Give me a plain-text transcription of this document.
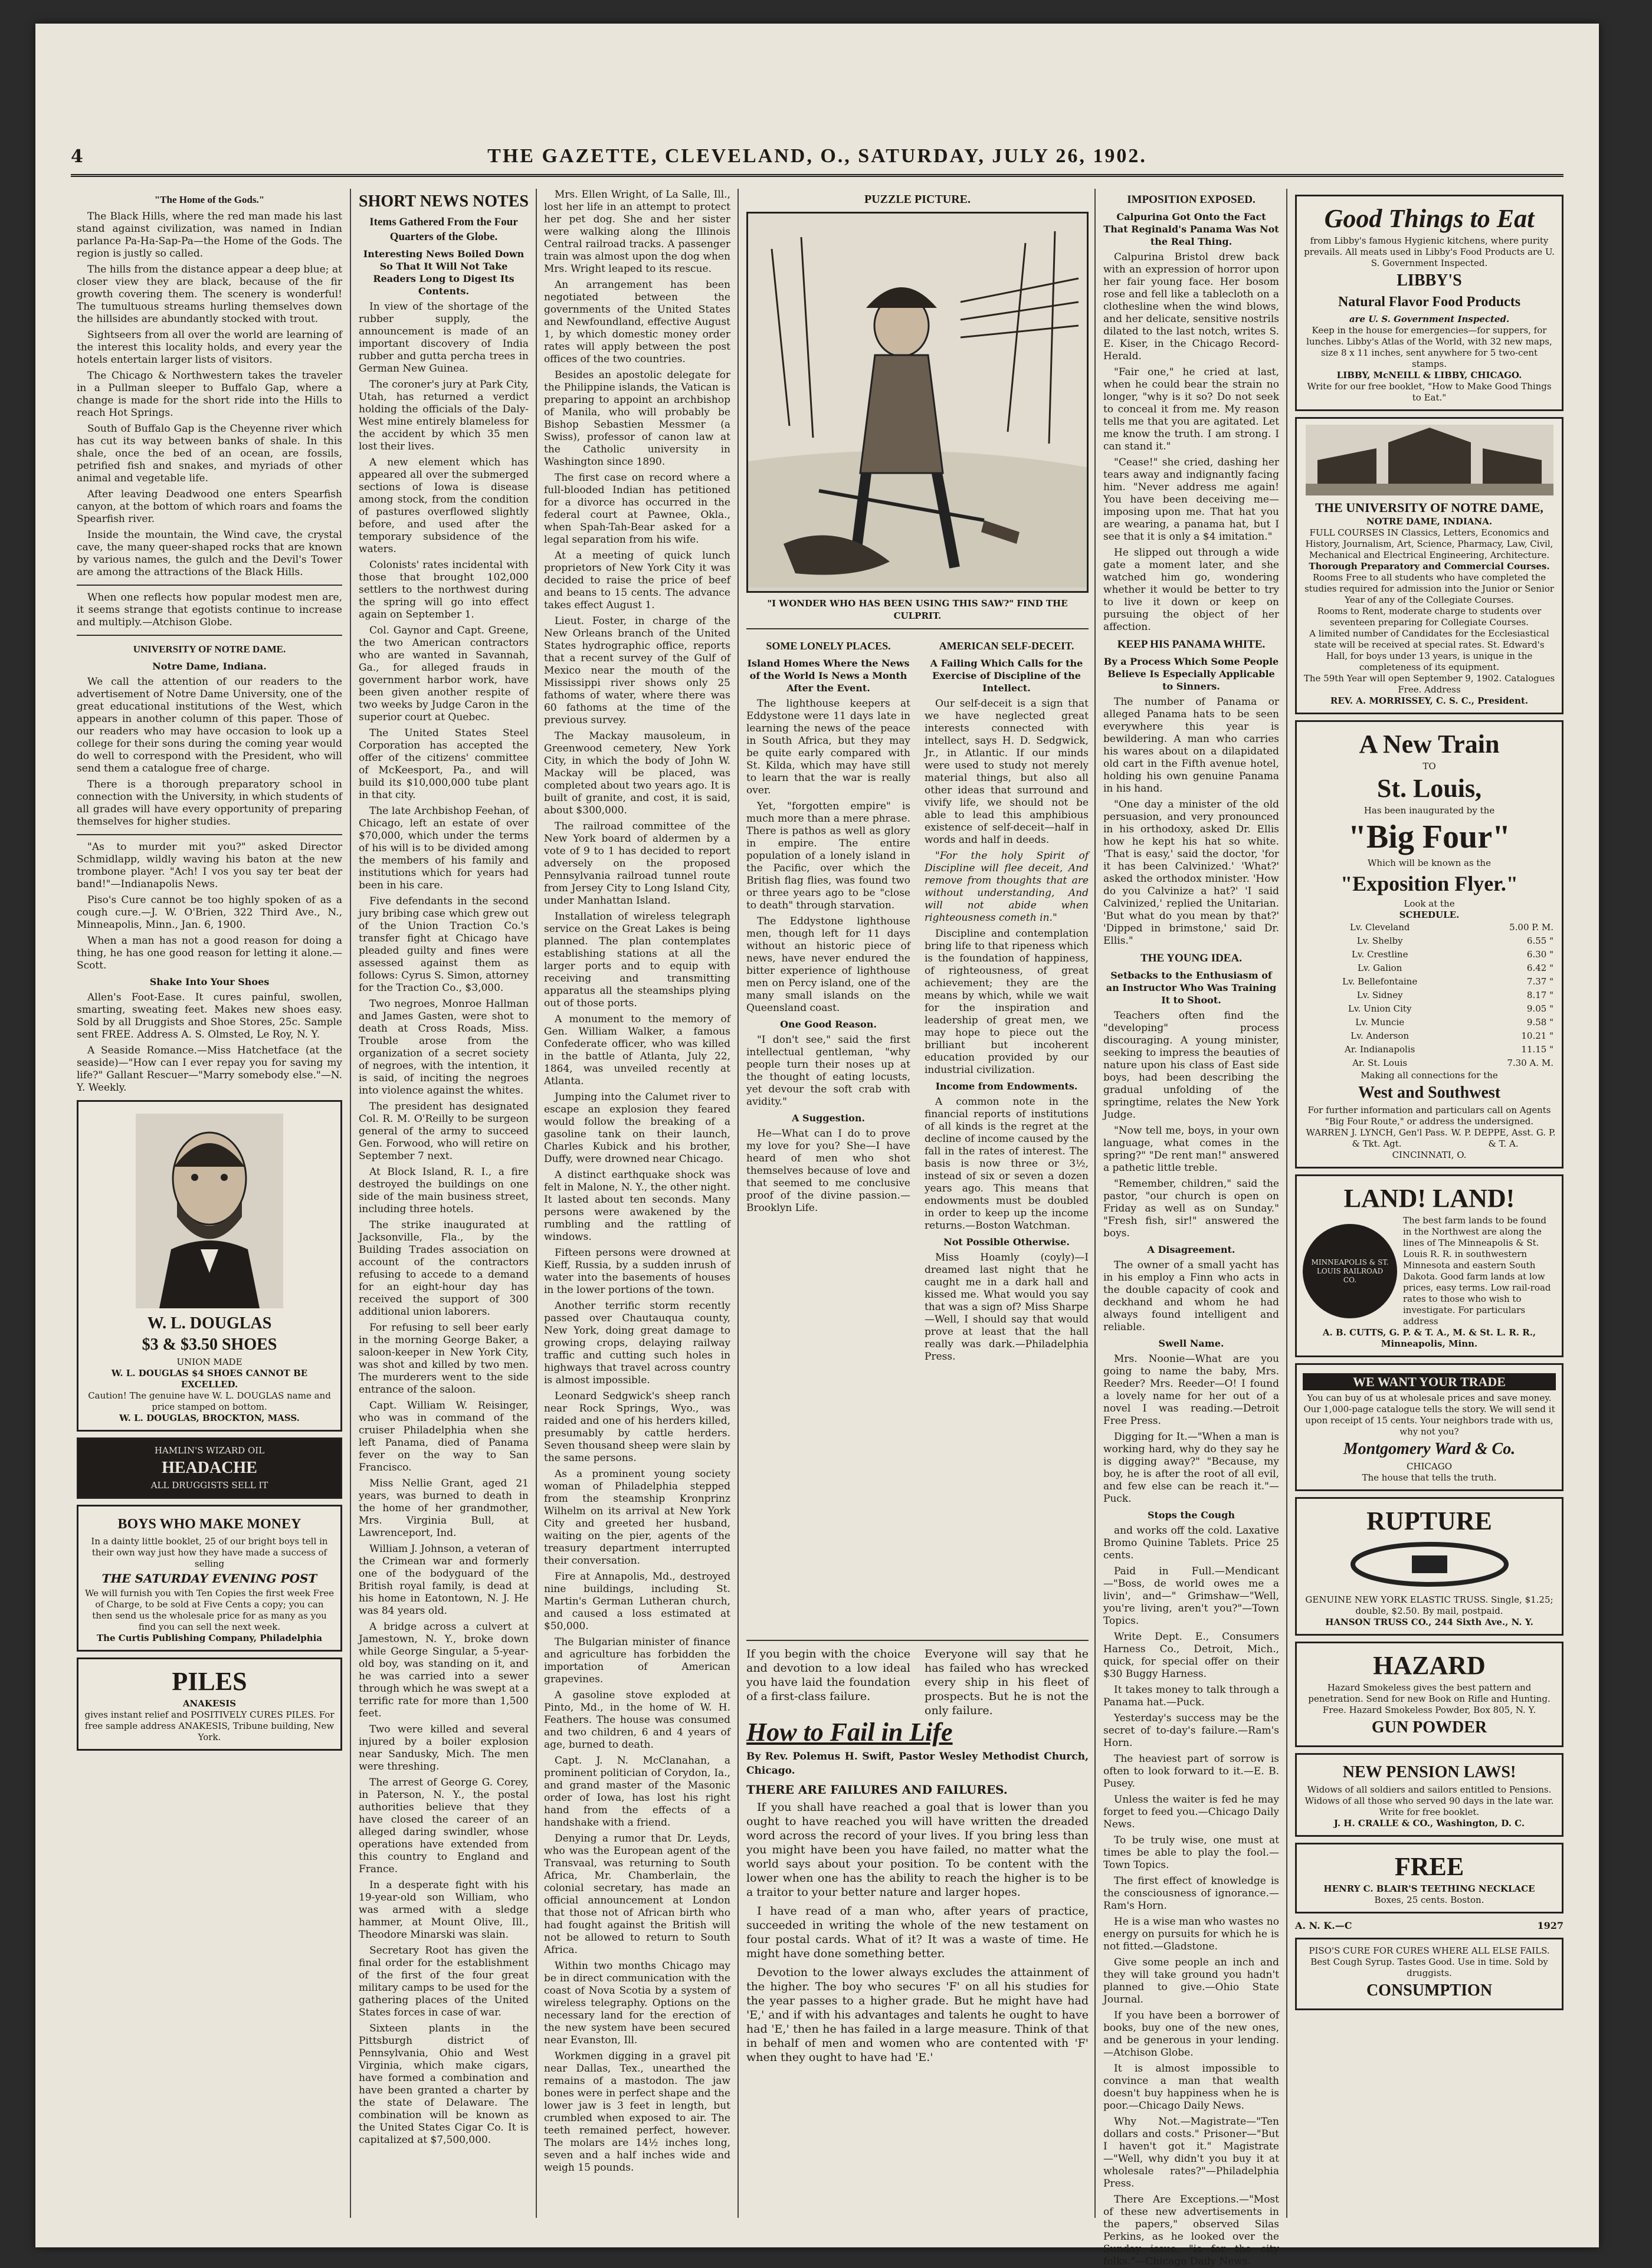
4	THE GAZETTE, CLEVELAND, O., SATURDAY, JULY 26, 1902.
"The Home of the Gods."

The Black Hills, where the red man made his last stand against civilization, was named in Indian parlance Pa-Ha-Sap-Pa—the Home of the Gods. The region is justly so called.

The hills from the distance appear a deep blue; at closer view they are black, because of the fir growth covering them. The scenery is wonderful! The tumultuous streams hurling themselves down the hillsides are abundantly stocked with trout.

Sightseers from all over the world are learning of the interest this locality holds, and every year the hotels entertain larger lists of visitors.

The Chicago & Northwestern takes the traveler in a Pullman sleeper to Buffalo Gap, where a change is made for the short ride into the Hills to reach Hot Springs.

South of Buffalo Gap is the Cheyenne river which has cut its way between banks of shale. In this shale, once the bed of an ocean, are fossils, petrified fish and snakes, and myriads of other animal and vegetable life.

After leaving Deadwood one enters Spearfish canyon, at the bottom of which roars and foams the Spearfish river.

Inside the mountain, the Wind cave, the crystal cave, the many queer-shaped rocks that are known by various names, the gulch and the Devil's Tower are among the attractions of the Black Hills.

When one reflects how popular modest men are, it seems strange that egotists continue to increase and multiply.—Atchison Globe.

UNIVERSITY OF NOTRE DAME.
Notre Dame, Indiana.

We call the attention of our readers to the advertisement of Notre Dame University, one of the great educational institutions of the West, which appears in another column of this paper. Those of our readers who may have occasion to look up a college for their sons during the coming year would do well to correspond with the President, who will send them a catalogue free of charge.

There is a thorough preparatory school in connection with the University, in which students of all grades will have every opportunity of preparing themselves for higher studies.

"As to murder mit you?" asked Director Schmidlapp, wildly waving his baton at the new trombone player. "Ach! I vos you say ter beat der band!"—Indianapolis News.

Piso's Cure cannot be too highly spoken of as a cough cure.—J. W. O'Brien, 322 Third Ave., N., Minneapolis, Minn., Jan. 6, 1900.

When a man has not a good reason for doing a thing, he has one good reason for letting it alone.—Scott.

Shake Into Your Shoes

Allen's Foot-Ease. It cures painful, swollen, smarting, sweating feet. Makes new shoes easy. Sold by all Druggists and Shoe Stores, 25c. Sample sent FREE. Address A. S. Olmsted, Le Roy, N. Y.

A Seaside Romance.—Miss Hatchetface (at the seaside)—"How can I ever repay you for saving my life?" Gallant Rescuer—"Marry somebody else."—N. Y. Weekly.

W. L. DOUGLAS
$3 & $3.50 SHOES
UNION MADE
W. L. DOUGLAS $4 SHOES CANNOT BE EXCELLED.
Caution! The genuine have W. L. DOUGLAS name and price stamped on bottom.
W. L. DOUGLAS, BROCKTON, MASS.
HAMLIN'S WIZARD OIL
HEADACHE
ALL DRUGGISTS SELL IT
BOYS WHO MAKE MONEY
In a dainty little booklet, 25 of our bright boys tell in their own way just how they have made a success of selling
THE SATURDAY EVENING POST
We will furnish you with Ten Copies the first week Free of Charge, to be sold at Five Cents a copy; you can then send us the wholesale price for as many as you find you can sell the next week.
The Curtis Publishing Company, Philadelphia
PILES
ANAKESIS
gives instant relief and POSITIVELY CURES PILES. For free sample address ANAKESIS, Tribune building, New York.
SHORT NEWS NOTES
Items Gathered From the Four Quarters of the Globe.
Interesting News Boiled Down So That It Will Not Take Readers Long to Digest Its Contents.

In view of the shortage of the rubber supply, the announcement is made of an important discovery of India rubber and gutta percha trees in German New Guinea.

The coroner's jury at Park City, Utah, has returned a verdict holding the officials of the Daly-West mine entirely blameless for the accident by which 35 men lost their lives.

A new element which has appeared all over the submerged sections of Iowa is disease among stock, from the condition of pastures overflowed slightly before, and used after the temporary subsidence of the waters.

Colonists' rates incidental with those that brought 102,000 settlers to the northwest during the spring will go into effect again on September 1.

Col. Gaynor and Capt. Greene, the two American contractors who are wanted in Savannah, Ga., for alleged frauds in government harbor work, have been given another respite of two weeks by Judge Caron in the superior court at Quebec.

The United States Steel Corporation has accepted the offer of the citizens' committee of McKeesport, Pa., and will build its $10,000,000 tube plant in that city.

The late Archbishop Feehan, of Chicago, left an estate of over $70,000, which under the terms of his will is to be divided among the members of his family and institutions which for years had been in his care.

Five defendants in the second jury bribing case which grew out of the Union Traction Co.'s transfer fight at Chicago have pleaded guilty and fines were assessed against them as follows: Cyrus S. Simon, attorney for the Traction Co., $3,000.

Two negroes, Monroe Hallman and James Gasten, were shot to death at Cross Roads, Miss. Trouble arose from the organization of a secret society of negroes, with the intention, it is said, of inciting the negroes into violence against the whites.

The president has designated Col. R. M. O'Reilly to be surgeon general of the army to succeed Gen. Forwood, who will retire on September 7 next.

At Block Island, R. I., a fire destroyed the buildings on one side of the main business street, including three hotels.

The strike inaugurated at Jacksonville, Fla., by the Building Trades association on account of the contractors refusing to accede to a demand for an eight-hour day has received the support of 300 additional union laborers.

For refusing to sell beer early in the morning George Baker, a saloon-keeper in New York City, was shot and killed by two men. The murderers went to the side entrance of the saloon.

Capt. William W. Reisinger, who was in command of the cruiser Philadelphia when she left Panama, died of Panama fever on the way to San Francisco.

Miss Nellie Grant, aged 21 years, was burned to death in the home of her grandmother, Mrs. Virginia Bull, at Lawrenceport, Ind.

William J. Johnson, a veteran of the Crimean war and formerly one of the bodyguard of the British royal family, is dead at his home in Eatontown, N. J. He was 84 years old.

A bridge across a culvert at Jamestown, N. Y., broke down while George Singular, a 5-year-old boy, was standing on it, and he was carried into a sewer through which he was swept at a terrific rate for more than 1,500 feet.

Two were killed and several injured by a boiler explosion near Sandusky, Mich. The men were threshing.

The arrest of George G. Corey, in Paterson, N. Y., the postal authorities believe that they have closed the career of an alleged daring swindler, whose operations have extended from this country to England and France.

In a desperate fight with his 19-year-old son William, who was armed with a sledge hammer, at Mount Olive, Ill., Theodore Minarski was slain.

Secretary Root has given the final order for the establishment of the first of the four great military camps to be used for the gathering places of the United States forces in case of war.

Sixteen plants in the Pittsburgh district of Pennsylvania, Ohio and West Virginia, which make cigars, have formed a combination and have been granted a charter by the state of Delaware. The combination will be known as the United States Cigar Co. It is capitalized at $7,500,000.

Mrs. Ellen Wright, of La Salle, Ill., lost her life in an attempt to protect her pet dog. She and her sister were walking along the Illinois Central railroad tracks. A passenger train was almost upon the dog when Mrs. Wright leaped to its rescue.

An arrangement has been negotiated between the governments of the United States and Newfoundland, effective August 1, by which domestic money order rates will apply between the post offices of the two countries.

Besides an apostolic delegate for the Philippine islands, the Vatican is preparing to appoint an archbishop of Manila, who will probably be Bishop Sebastien Messmer (a Swiss), professor of canon law at the Catholic university in Washington since 1890.

The first case on record where a full-blooded Indian has petitioned for a divorce has occurred in the federal court at Pawnee, Okla., when Spah-Tah-Bear asked for a legal separation from his wife.

At a meeting of quick lunch proprietors of New York City it was decided to raise the price of beef and beans to 15 cents. The advance takes effect August 1.

Lieut. Foster, in charge of the New Orleans branch of the United States hydrographic office, reports that a recent survey of the Gulf of Mexico near the mouth of the Mississippi river shows only 25 fathoms of water, where there was 60 fathoms at the time of the previous survey.

The Mackay mausoleum, in Greenwood cemetery, New York City, in which the body of John W. Mackay will be placed, was completed about two years ago. It is built of granite, and cost, it is said, about $300,000.

The railroad committee of the New York board of aldermen by a vote of 9 to 1 has decided to report adversely on the proposed Pennsylvania railroad tunnel route from Jersey City to Long Island City, under Manhattan Island.

Installation of wireless telegraph service on the Great Lakes is being planned. The plan contemplates establishing stations at all the larger ports and to equip with receiving and transmitting apparatus all the steamships plying out of those ports.

A monument to the memory of Gen. William Walker, a famous Confederate officer, who was killed in the battle of Atlanta, July 22, 1864, was unveiled recently at Atlanta.

Jumping into the Calumet river to escape an explosion they feared would follow the breaking of a gasoline tank on their launch, Charles Kubick and his brother, Duffy, were drowned near Chicago.

A distinct earthquake shock was felt in Malone, N. Y., the other night. It lasted about ten seconds. Many persons were awakened by the rumbling and the rattling of windows.

Fifteen persons were drowned at Kieff, Russia, by a sudden inrush of water into the basements of houses in the lower portions of the town.

Another terrific storm recently passed over Chautauqua county, New York, doing great damage to growing crops, delaying railway traffic and cutting such holes in highways that travel across country is almost impossible.

Leonard Sedgwick's sheep ranch near Rock Springs, Wyo., was raided and one of his herders killed, presumably by cattle herders. Seven thousand sheep were slain by the same persons.

As a prominent young society woman of Philadelphia stepped from the steamship Kronprinz Wilhelm on its arrival at New York City and greeted her husband, waiting on the pier, agents of the treasury department interrupted their conversation.

Fire at Annapolis, Md., destroyed nine buildings, including St. Martin's German Lutheran church, and caused a loss estimated at $50,000.

The Bulgarian minister of finance and agriculture has forbidden the importation of American grapevines.

A gasoline stove exploded at Pinto, Md., in the home of W. H. Feathers. The house was consumed and two children, 6 and 4 years of age, burned to death.

Capt. J. N. McClanahan, a prominent politician of Corydon, Ia., and grand master of the Masonic order of Iowa, has lost his right hand from the effects of a handshake with a friend.

Denying a rumor that Dr. Leyds, who was the European agent of the Transvaal, was returning to South Africa, Mr. Chamberlain, the colonial secretary, has made an official announcement at London that those not of African birth who had fought against the British will not be allowed to return to South Africa.

Within two months Chicago may be in direct communication with the coast of Nova Scotia by a system of wireless telegraphy. Options on the necessary land for the erection of the new system have been secured near Evanston, Ill.

Workmen digging in a gravel pit near Dallas, Tex., unearthed the remains of a mastodon. The jaw bones were in perfect shape and the lower jaw is 3 feet in length, but crumbled when exposed to air. The teeth remained perfect, however. The molars are 14½ inches long, seven and a half inches wide and weigh 15 pounds.

PUZZLE PICTURE.
"I WONDER WHO HAS BEEN USING THIS SAW?" FIND THE CULPRIT.
SOME LONELY PLACES.
Island Homes Where the News of the World Is News a Month After the Event.

The lighthouse keepers at Eddystone were 11 days late in learning the news of the peace in South Africa, but they may be quite early compared with St. Kilda, which may have still to learn that the war is really over.

Yet, "forgotten empire" is much more than a mere phrase. There is pathos as well as glory in empire. The entire population of a lonely island in the Pacific, over which the British flag flies, was found two or three years ago to be "close to death" through starvation.

The Eddystone lighthouse men, though left for 11 days without an historic piece of news, have never endured the bitter experience of lighthouse men on Percy island, one of the many small islands on the Queensland coast.

One Good Reason.

"I don't see," said the first intellectual gentleman, "why people turn their noses up at the thought of eating locusts, yet devour the soft crab with avidity."

A Suggestion.

He—What can I do to prove my love for you? She—I have heard of men who shot themselves because of love and that seemed to me conclusive proof of the divine passion.—Brooklyn Life.

AMERICAN SELF-DECEIT.
A Failing Which Calls for the Exercise of Discipline of the Intellect.

Our self-deceit is a sign that we have neglected great interests connected with intellect, says H. D. Sedgwick, Jr., in Atlantic. If our minds were used to study not merely material things, but also all other ideas that surround and vivify life, we should not be able to lead this amphibious existence of self-deceit—half in words and half in deeds.

"For the holy Spirit of Discipline will flee deceit, And remove from thoughts that are without understanding, And will not abide when righteousness cometh in."

Discipline and contemplation bring life to that ripeness which is the foundation of happiness, of righteousness, of great achievement; they are the means by which, while we wait for the inspiration and leadership of great men, we may hope to piece out the brilliant but incoherent education provided by our industrial civilization.

Income from Endowments.

A common note in the financial reports of institutions of all kinds is the regret at the decline of income caused by the fall in the rates of interest. The basis is now three or 3½, instead of six or seven a dozen years ago. This means that endowments must be doubled in order to keep up the income returns.—Boston Watchman.

Not Possible Otherwise.

Miss Hoamly (coyly)—I dreamed last night that he caught me in a dark hall and kissed me. What would you say that was a sign of? Miss Sharpe—Well, I should say that would prove at least that the hall really was dark.—Philadelphia Press.

If you begin with the choice and devotion to a low ideal you have laid the foundation of a first-class failure.
Everyone will say that he has failed who has wrecked every ship in his fleet of prospects. But he is not the only failure.
How to Fail in Life
By Rev. Polemus H. Swift, Pastor Wesley Methodist Church, Chicago.
THERE ARE FAILURES AND FAILURES.

If you shall have reached a goal that is lower than you ought to have reached you will have written the dreaded word across the record of your lives. If you bring less than you might have been you have failed, no matter what the world says about your position. To be content with the lower when one has the ability to reach the higher is to be a traitor to your better nature and larger hopes.

I have read of a man who, after years of practice, succeeded in writing the whole of the new testament on four postal cards. What of it? It was a waste of time. He might have done something better.

Devotion to the lower always excludes the attainment of the higher. The boy who secures 'F' on all his studies for the year passes to a higher grade. But he might have had 'E,' and if with his advantages and talents he ought to have had 'E,' then he has failed in a large measure. Think of that in behalf of men and women who are contented with 'F' when they ought to have had 'E.'

IMPOSITION EXPOSED.
Calpurina Got Onto the Fact That Reginald's Panama Was Not the Real Thing.

Calpurina Bristol drew back with an expression of horror upon her fair young face. Her bosom rose and fell like a tablecloth on a clothesline when the wind blows, and her delicate, sensitive nostrils dilated to the last notch, writes S. E. Kiser, in the Chicago Record-Herald.

"Fair one," he cried at last, when he could bear the strain no longer, "why is it so? Do not seek to conceal it from me. My reason tells me that you are agitated. Let me know the truth. I am strong. I can stand it."

"Cease!" she cried, dashing her tears away and indignantly facing him. "Never address me again! You have been deceiving me—imposing upon me. That hat you are wearing, a panama hat, but I see that it is only a $4 imitation."

He slipped out through a wide gate a moment later, and she watched him go, wondering whether it would be better to try to live it down or keep on pursuing the object of her affection.

KEEP HIS PANAMA WHITE.
By a Process Which Some People Believe Is Especially Applicable to Sinners.

The number of Panama or alleged Panama hats to be seen everywhere this year is bewildering. A man who carries his wares about on a dilapidated old cart in the Fifth avenue hotel, holding his own genuine Panama in his hand.

"One day a minister of the old persuasion, and very pronounced in his orthodoxy, asked Dr. Ellis how he kept his hat so white. 'That is easy,' said the doctor, 'for it has been Calvinized.' 'What?' asked the orthodox minister. 'How do you Calvinize a hat?' 'I said Calvinized,' replied the Unitarian. 'But what do you mean by that?' 'Dipped in brimstone,' said Dr. Ellis."

THE YOUNG IDEA.
Setbacks to the Enthusiasm of an Instructor Who Was Training It to Shoot.

Teachers often find the "developing" process discouraging. A young minister, seeking to impress the beauties of nature upon his class of East side boys, had been describing the gradual unfolding of the springtime, relates the New York Judge.

"Now tell me, boys, in your own language, what comes in the spring?" "De rent man!" answered a pathetic little treble.

"Remember, children," said the pastor, "our church is open on Friday as well as on Sunday." "Fresh fish, sir!" answered the boys.

A Disagreement.

The owner of a small yacht has in his employ a Finn who acts in the double capacity of cook and deckhand and whom he had always found intelligent and reliable.

Swell Name.

Mrs. Noonie—What are you going to name the baby, Mrs. Reeder? Mrs. Reeder—O! I found a lovely name for her out of a novel I was reading.—Detroit Free Press.

Digging for It.—"When a man is working hard, why do they say he is digging away?" "Because, my boy, he is after the root of all evil, and few else can be reach it."—Puck.

Stops the Cough

and works off the cold. Laxative Bromo Quinine Tablets. Price 25 cents.

Paid in Full.—Mendicant—"Boss, de world owes me a livin', and—" Grimshaw—"Well, you're living, aren't you?"—Town Topics.

Write Dept. E., Consumers Harness Co., Detroit, Mich., quick, for special offer on their $30 Buggy Harness.

It takes money to talk through a Panama hat.—Puck.

Yesterday's success may be the secret of to-day's failure.—Ram's Horn.

The heaviest part of sorrow is often to look forward to it.—E. B. Pusey.

Unless the waiter is fed he may forget to feed you.—Chicago Daily News.

To be truly wise, one must at times be able to play the fool.—Town Topics.

The first effect of knowledge is the consciousness of ignorance.—Ram's Horn.

He is a wise man who wastes no energy on pursuits for which he is not fitted.—Gladstone.

Give some people an inch and they will take ground you hadn't planned to give.—Ohio State Journal.

If you have been a borrower of books, buy one of the new ones, and be generous in your lending.—Atchison Globe.

It is almost impossible to convince a man that wealth doesn't buy happiness when he is poor.—Chicago Daily News.

Why Not.—Magistrate—"Ten dollars and costs." Prisoner—"But I haven't got it." Magistrate—"Well, why didn't you buy it at wholesale rates?"—Philadelphia Press.

There Are Exceptions.—"Most of these new advertisements in the papers," observed Silas Perkins, as he looked over the Sunday issue, "is for the city folks."—Chicago Daily News.

Good Things to Eat
from Libby's famous Hygienic kitchens, where purity prevails. All meats used in Libby's Food Products are U. S. Government Inspected.
LIBBY'S
Natural Flavor Food Products
are U. S. Government Inspected.
Keep in the house for emergencies—for suppers, for lunches. Libby's Atlas of the World, with 32 new maps, size 8 x 11 inches, sent anywhere for 5 two-cent stamps.
LIBBY, McNEILL & LIBBY, CHICAGO.
Write for our free booklet, "How to Make Good Things to Eat."
THE UNIVERSITY OF NOTRE DAME,
NOTRE DAME, INDIANA.
FULL COURSES IN Classics, Letters, Economics and History, Journalism, Art, Science, Pharmacy, Law, Civil, Mechanical and Electrical Engineering, Architecture.
Thorough Preparatory and Commercial Courses.
Rooms Free to all students who have completed the studies required for admission into the Junior or Senior Year of any of the Collegiate Courses.
Rooms to Rent, moderate charge to students over seventeen preparing for Collegiate Courses.
A limited number of Candidates for the Ecclesiastical state will be received at special rates. St. Edward's Hall, for boys under 13 years, is unique in the completeness of its equipment.
The 59th Year will open September 9, 1902. Catalogues Free. Address
REV. A. MORRISSEY, C. S. C., President.
A New Train
TO
St. Louis,
Has been inaugurated by the
"Big Four"
Which will be known as the
"Exposition Flyer."
Look at the
SCHEDULE.
Lv. Cleveland	5.00 P. M.
Lv. Shelby	6.55 "
Lv. Crestline	6.30 "
Lv. Galion	6.42 "
Lv. Bellefontaine	7.37 "
Lv. Sidney	8.17 "
Lv. Union City	9.05 "
Lv. Muncie	9.58 "
Lv. Anderson	10.21 "
Ar. Indianapolis	11.15 "
Ar. St. Louis	7.30 A. M.
Making all connections for the
West and Southwest
For further information and particulars call on Agents "Big Four Route," or address the undersigned.
WARREN J. LYNCH, Gen'l Pass. & Tkt. Agt.
W. P. DEPPE, Asst. G. P. & T. A.
CINCINNATI, O.
LAND! LAND!
MINNEAPOLIS & ST. LOUIS RAILROAD CO.
The best farm lands to be found in the Northwest are along the lines of The Minneapolis & St. Louis R. R. in southwestern Minnesota and eastern South Dakota. Good farm lands at low prices, easy terms. Low rail-road rates to those who wish to investigate. For particulars address
A. B. CUTTS, G. P. & T. A., M. & St. L. R. R., Minneapolis, Minn.
WE WANT YOUR TRADE
You can buy of us at wholesale prices and save money. Our 1,000-page catalogue tells the story. We will send it upon receipt of 15 cents. Your neighbors trade with us, why not you?
Montgomery Ward & Co.
CHICAGO
The house that tells the truth.
RUPTURE
GENUINE NEW YORK ELASTIC TRUSS. Single, $1.25; double, $2.50. By mail, postpaid.
HANSON TRUSS CO., 244 Sixth Ave., N. Y.
HAZARD
Hazard Smokeless gives the best pattern and penetration. Send for new Book on Rifle and Hunting. Free. Hazard Smokeless Powder, Box 805, N. Y.
GUN POWDER
NEW PENSION LAWS!
Widows of all soldiers and sailors entitled to Pensions. Widows of all those who served 90 days in the late war. Write for free booklet.
J. H. CRALLE & CO., Washington, D. C.
FREE
HENRY C. BLAIR'S TEETHING NECKLACE
Boxes, 25 cents. Boston.
A. N. K.—C	1927
PISO'S CURE FOR CURES WHERE ALL ELSE FAILS. Best Cough Syrup. Tastes Good. Use in time. Sold by druggists.
CONSUMPTION
